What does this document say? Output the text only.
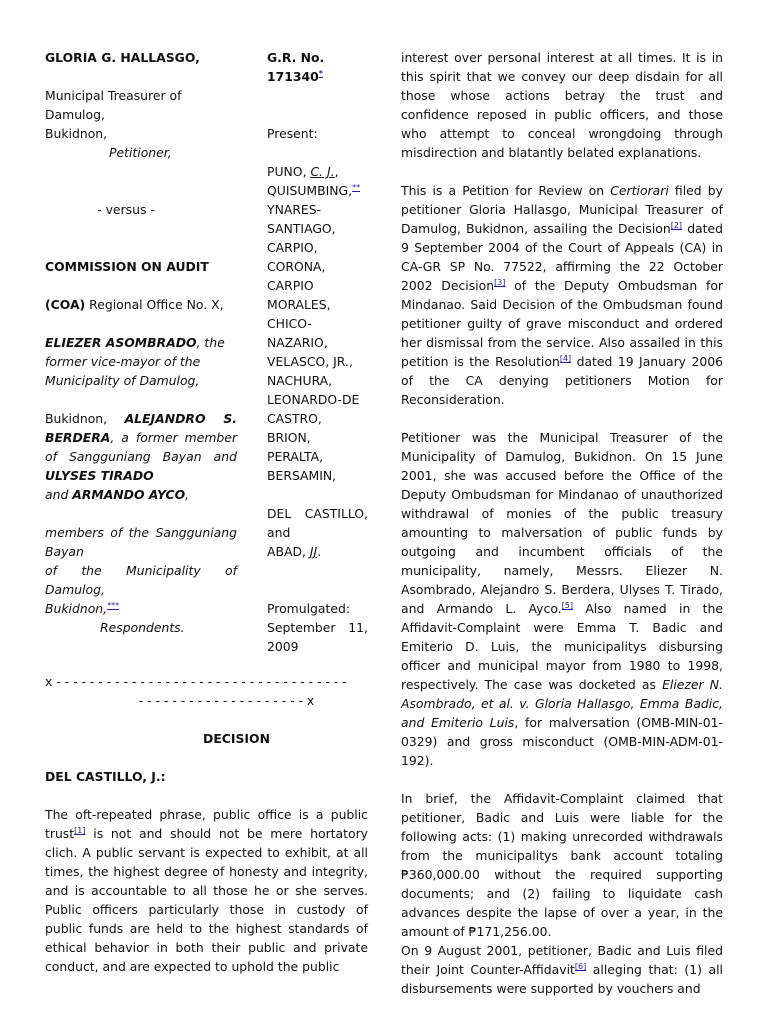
GLORIA G. HALLASGO,

Municipal Treasurer of Damulog,

Bukidnon,

Petitioner,

- versus -

COMMISSION ON AUDIT

(COA) Regional Office No. X,

ELIEZER ASOMBRADO, the former vice-mayor of the Municipality of Damulog,

Bukidnon, ALEJANDRO S. BERDERA, a former member of Sangguniang Bayan and ULYSES TIRADO

and ARMANDO AYCO,

members of the Sangguniang Bayan

of the Municipality of Damulog,

Bukidnon,***

Respondents.

G.R. No. 171340*

Present:

PUNO, C. J.,

QUISUMBING,**

YNARES-SANTIAGO, CARPIO, CORONA, CARPIO MORALES, CHICO-NAZARIO, VELASCO, JR., NACHURA, LEONARDO-DE CASTRO, BRION, PERALTA, BERSAMIN,

DEL CASTILLO, and

ABAD, JJ.

Promulgated:

September 11, 2009

x - - - - - - - - - - - - - - - - - - - - - - - - - - - - - - - - - - -

- - - - - - - - - - - - - - - - - - - - x

DECISION

DEL CASTILLO, J.:

The oft-repeated phrase, public office is a public trust[1] is not and should not be mere hortatory clich. A public servant is expected to exhibit, at all times, the highest degree of honesty and integrity, and is accountable to all those he or she serves. Public officers particularly those in custody of public funds are held to the highest standards of ethical behavior in both their public and private conduct, and are expected to uphold the public

interest over personal interest at all times. It is in this spirit that we convey our deep disdain for all those whose actions betray the trust and confidence reposed in public officers, and those who attempt to conceal wrongdoing through misdirection and blatantly belated explanations.

This is a Petition for Review on Certiorari filed by petitioner Gloria Hallasgo, Municipal Treasurer of Damulog, Bukidnon, assailing the Decision[2] dated 9 September 2004 of the Court of Appeals (CA) in CA-GR SP No. 77522, affirming the 22 October 2002 Decision[3] of the Deputy Ombudsman for Mindanao. Said Decision of the Ombudsman found petitioner guilty of grave misconduct and ordered her dismissal from the service. Also assailed in this petition is the Resolution[4] dated 19 January 2006 of the CA denying petitioners Motion for Reconsideration.

Petitioner was the Municipal Treasurer of the Municipality of Damulog, Bukidnon. On 15 June 2001, she was accused before the Office of the Deputy Ombudsman for Mindanao of unauthorized withdrawal of monies of the public treasury amounting to malversation of public funds by outgoing and incumbent officials of the municipality, namely, Messrs. Eliezer N. Asombrado, Alejandro S. Berdera, Ulyses T. Tirado, and Armando L. Ayco.[5] Also named in the Affidavit-Complaint were Emma T. Badic and Emiterio D. Luis, the municipalitys disbursing officer and municipal mayor from 1980 to 1998, respectively. The case was docketed as Eliezer N. Asombrado, et al. v. Gloria Hallasgo, Emma Badic, and Emiterio Luis, for malversation (OMB-MIN-01-0329) and gross misconduct (OMB-MIN-ADM-01-192).

In brief, the Affidavit-Complaint claimed that petitioner, Badic and Luis were liable for the following acts: (1) making unrecorded withdrawals from the municipalitys bank account totaling ₱360,000.00 without the required supporting documents; and (2) failing to liquidate cash advances despite the lapse of over a year, in the amount of ₱171,256.00.

On 9 August 2001, petitioner, Badic and Luis filed their Joint Counter-Affidavit[6] alleging that: (1) all disbursements were supported by vouchers and
